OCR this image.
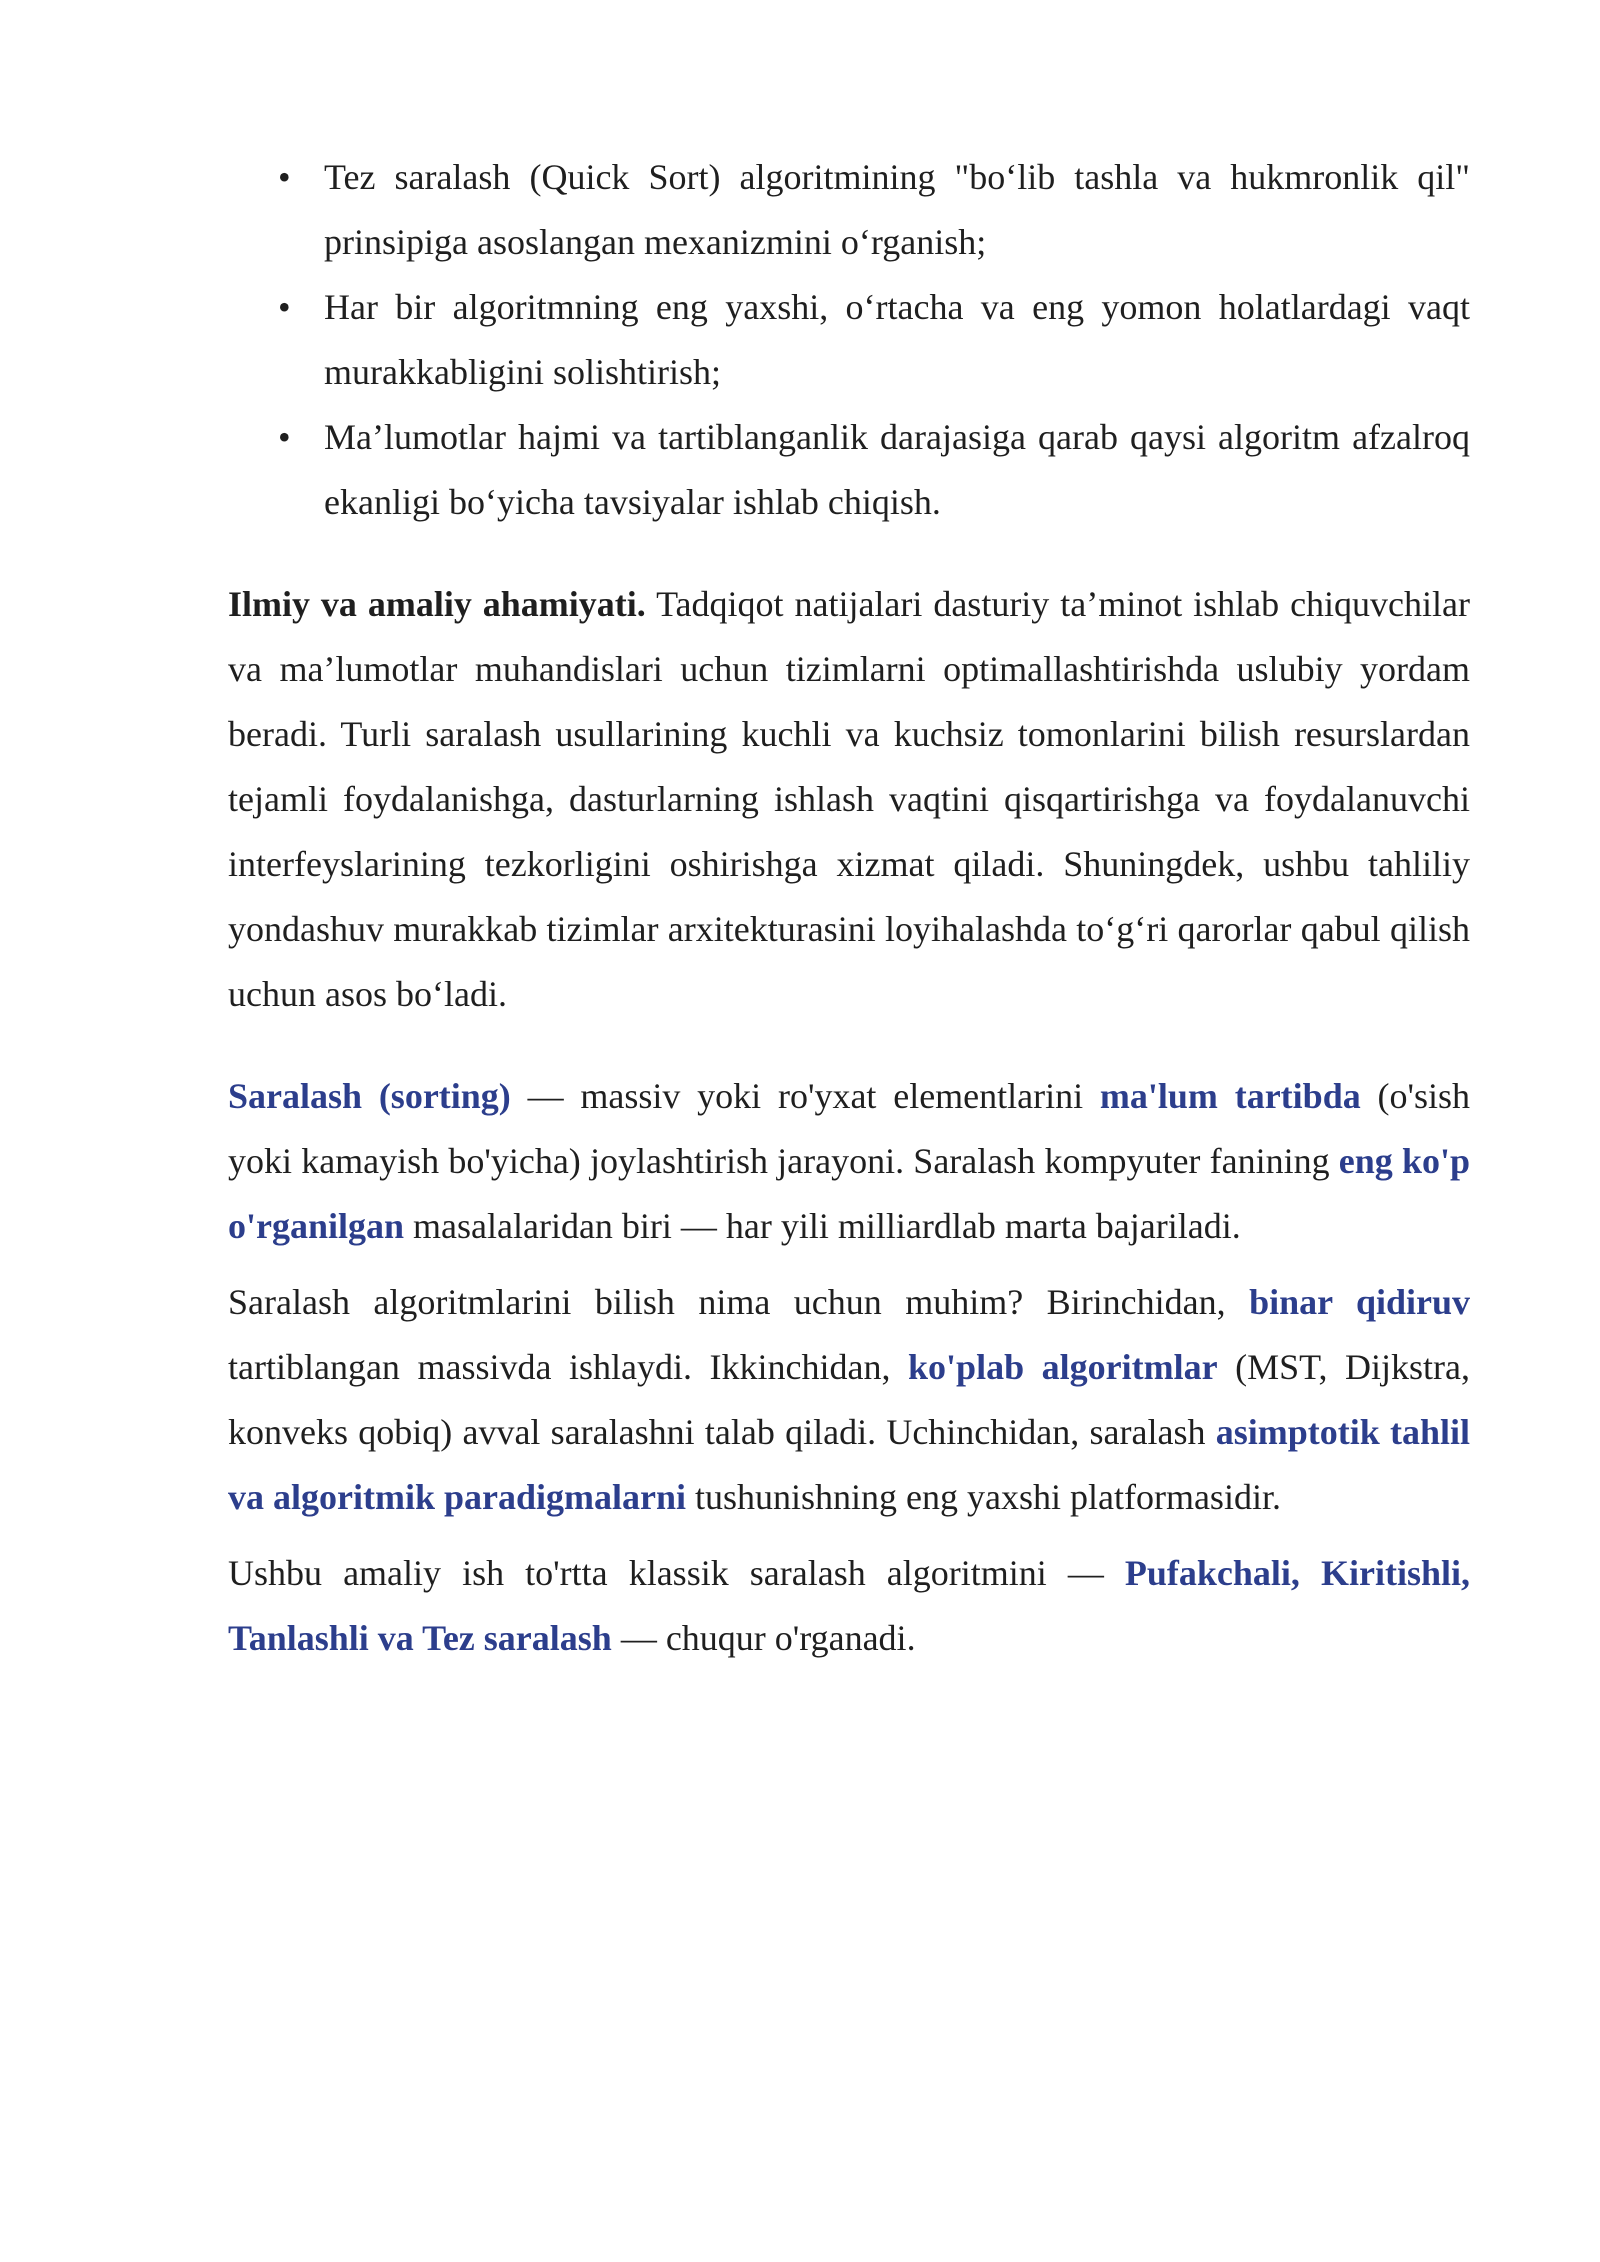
• Tez saralash (Quick Sort) algoritmining "bo‘lib tashla va hukmronlik qil" prinsipiga asoslangan mexanizmini o‘rganish;
• Har bir algoritmning eng yaxshi, o‘rtacha va eng yomon holatlardagi vaqt murakkabligini solishtirish;
• Ma’lumotlar hajmi va tartiblanganlik darajasiga qarab qaysi algoritm afzalroq ekanligi bo‘yicha tavsiyalar ishlab chiqish.

Ilmiy va amaliy ahamiyati. Tadqiqot natijalari dasturiy ta’minot ishlab chiquvchilar va ma’lumotlar muhandislari uchun tizimlarni optimallashtirishda uslubiy yordam beradi. Turli saralash usullarining kuchli va kuchsiz tomonlarini bilish resurslardan tejamli foydalanishga, dasturlarning ishlash vaqtini qisqartirishga va foydalanuvchi interfeyslarining tezkorligini oshirishga xizmat qiladi. Shuningdek, ushbu tahliliy yondashuv murakkab tizimlar arxitekturasini loyihalashda to‘g‘ri qarorlar qabul qilish uchun asos bo‘ladi.

Saralash (sorting) — massiv yoki ro'yxat elementlarini ma'lum tartibda (o'sish yoki kamayish bo'yicha) joylashtirish jarayoni. Saralash kompyuter fanining eng ko'p o'rganilgan masalalaridan biri — har yili milliardlab marta bajariladi.

Saralash algoritmlarini bilish nima uchun muhim? Birinchidan, binar qidiruv tartiblangan massivda ishlaydi. Ikkinchidan, ko'plab algoritmlar (MST, Dijkstra, konveks qobiq) avval saralashni talab qiladi. Uchinchidan, saralash asimptotik tahlil va algoritmik paradigmalarni tushunishning eng yaxshi platformasidir.

Ushbu amaliy ish to'rtta klassik saralash algoritmini — Pufakchali, Kiritishli, Tanlashli va Tez saralash — chuqur o'rganadi.
